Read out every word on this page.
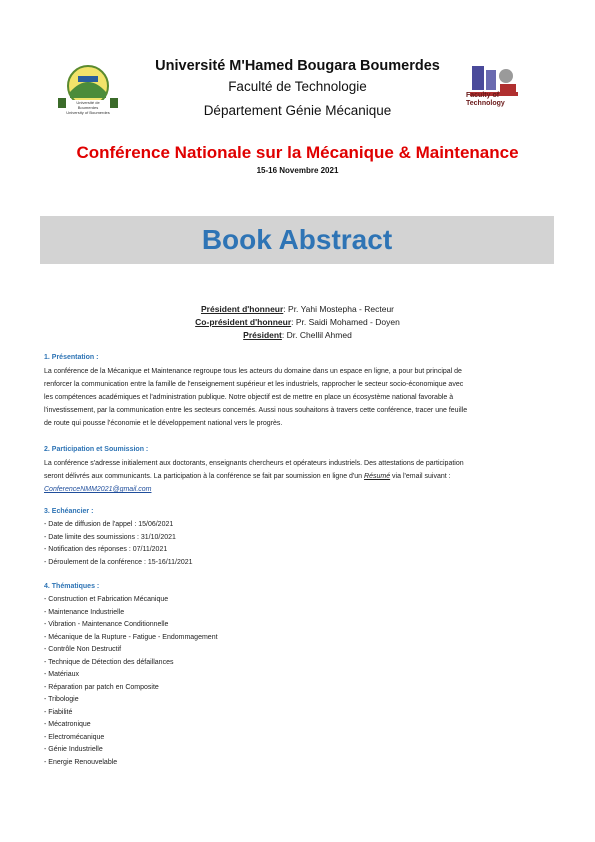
Université de Boumerdes
University of Boumerdes
Faculty of
Technology
Université M'Hamed Bougara Boumerdes
Faculté de Technologie
Département Génie Mécanique
Conférence Nationale sur la Mécanique & Maintenance
15-16 Novembre 2021
Book Abstract
Président d'honneur: Pr. Yahi Mostepha - Recteur
Co-président d'honneur: Pr. Saidi Mohamed - Doyen
Président: Dr. Chellil Ahmed
1. Présentation :
La conférence de la Mécanique et Maintenance regroupe tous les acteurs du domaine dans un espace en ligne, a pour but principal de
renforcer la communication entre la famille de l'enseignement supérieur et les industriels, rapprocher le secteur socio-économique avec
les compétences académiques et l'administration publique. Notre objectif est de mettre en place un écosystème national favorable à
l'investissement, par la communication entre les secteurs concernés. Aussi nous souhaitons à travers cette conférence, tracer une feuille
de route qui pousse l'économie et le développement national vers le progrès.
2. Participation et Soumission :
La conférence s'adresse initialement aux doctorants, enseignants chercheurs et opérateurs industriels. Des attestations de participation
seront délivrés aux communicants. La participation à la conférence se fait par soumission en ligne d'un Résumé via l'email suivant :
ConferenceNMM2021@gmail.com
3. Echéancier :
- Date de diffusion de l'appel : 15/06/2021
- Date limite des soumissions : 31/10/2021
- Notification des réponses : 07/11/2021
- Déroulement de la conférence : 15-16/11/2021
4. Thématiques :
- Construction et Fabrication Mécanique
- Maintenance Industrielle
- Vibration - Maintenance Conditionnelle
- Mécanique de la Rupture - Fatigue - Endommagement
- Contrôle Non Destructif
- Technique de Détection des défaillances
- Matériaux
- Réparation par patch en Composite
- Tribologie
- Fiabilité
- Mécatronique
- Electromécanique
- Génie Industrielle
- Energie Renouvelable
